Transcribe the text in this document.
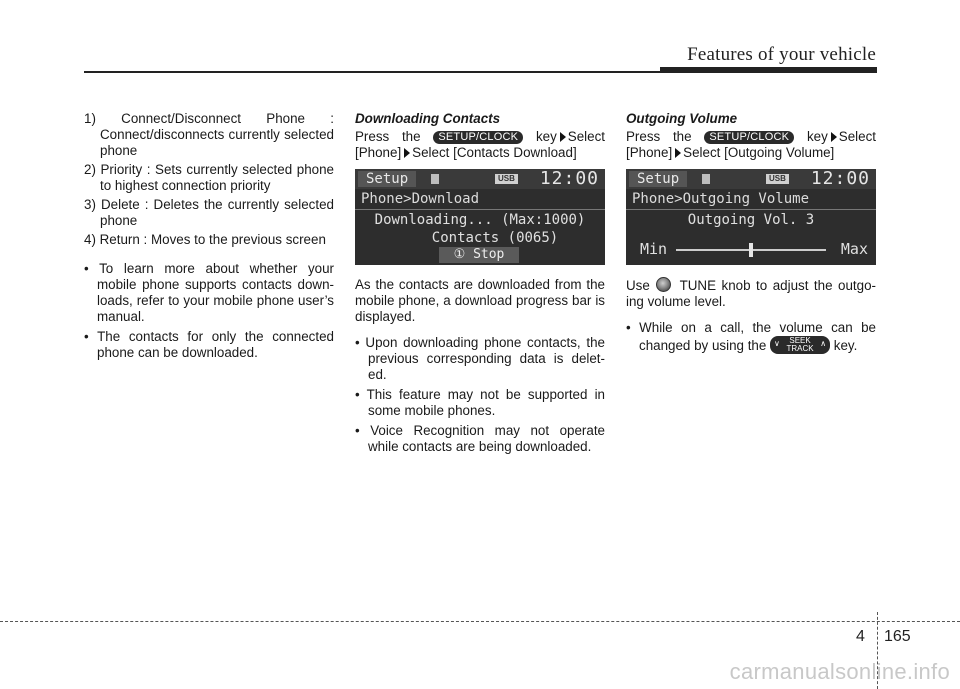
Features of your vehicle

1) Connect/Disconnect Phone : Connect/disconnects currently selected phone

2) Priority : Sets currently selected phone to highest connection priority

3) Delete : Deletes the currently selected phone

4) Return : Moves to the previous screen

• To learn more about whether your mobile phone supports contacts down-loads, refer to your mobile phone user’s manual.

• The contacts for only the connected phone can be downloaded.

Downloading Contacts

Press the SETUP/CLOCK key Select [Phone] Select [Contacts Download]

Setup	USB 12:00
Phone>Download
Downloading... (Max:1000)
Contacts (0065)
① Stop

As the contacts are downloaded from the mobile phone, a download progress bar is displayed.

• Upon downloading phone contacts, the previous corresponding data is delet-ed.

• This feature may not be supported in some mobile phones.

• Voice Recognition may not operate while contacts are being downloaded.

Outgoing Volume

Press the SETUP/CLOCK key Select [Phone] Select [Outgoing Volume]

Setup	USB 12:00
Phone>Outgoing Volume
Outgoing Vol. 3
Min	Max

Use TUNE knob to adjust the outgo-ing volume level.

• While on a call, the volume can be changed by using the ∨	SEEK
TRACK
∧ key.

4 165
carmanualsonline.info
